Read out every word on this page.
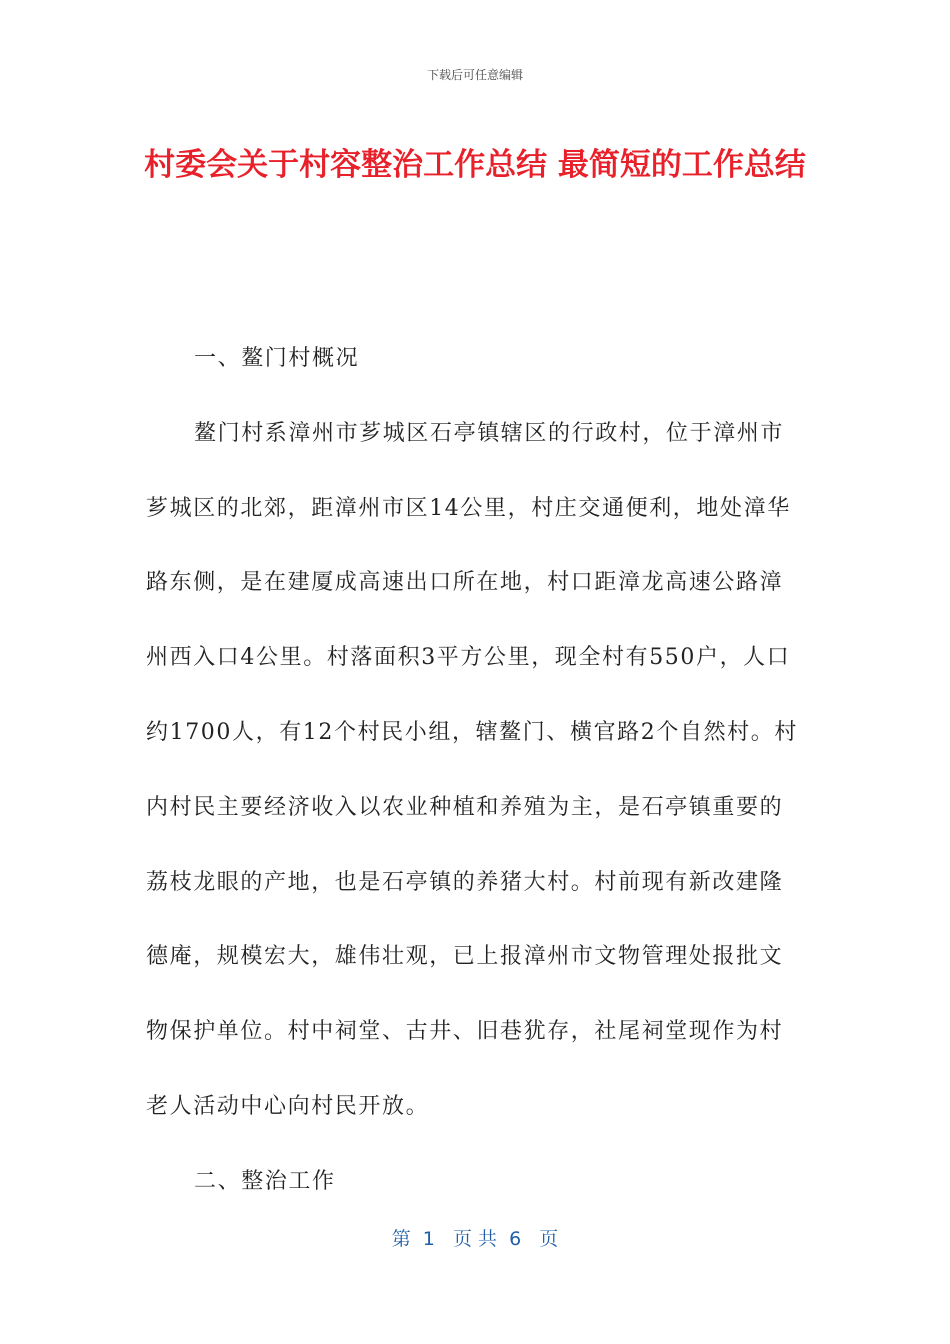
下载后可任意编辑
村委会关于村容整治工作总结 最简短的工作总结

一、鳌门村概况

鳌门村系漳州市芗城区石亭镇辖区的行政村，位于漳州市芗城区的北郊，距漳州市区14公里，村庄交通便利，地处漳华路东侧，是在建厦成高速出口所在地，村口距漳龙高速公路漳州西入口4公里。村落面积3平方公里，现全村有550户，人口约1700人，有12个村民小组，辖鳌门、横官路2个自然村。村内村民主要经济收入以农业种植和养殖为主，是石亭镇重要的荔枝龙眼的产地，也是石亭镇的养猪大村。村前现有新改建隆德庵，规模宏大，雄伟壮观，已上报漳州市文物管理处报批文物保护单位。村中祠堂、古井、旧巷犹存，社尾祠堂现作为村老人活动中心向村民开放。

二、整治工作

第  1   页 共  6   页
